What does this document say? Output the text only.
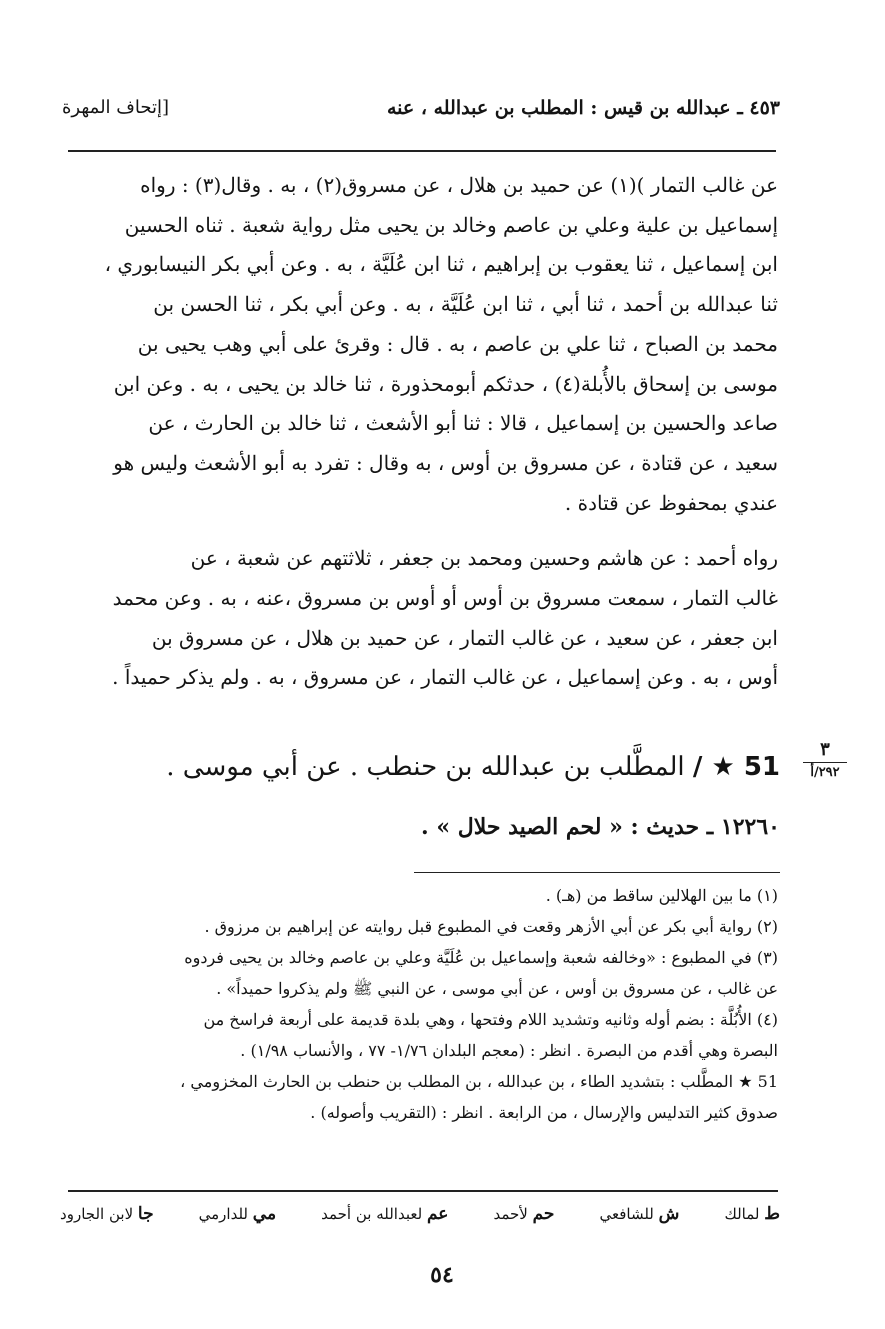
٤٥٣ ـ عبدالله بن قيس : المطلب بن عبدالله ، عنه
[إتحاف المهرة

عن غالب التمار )(١) عن حميد بن هلال ، عن مسروق(٢) ، به . وقال(٣) : رواه

إسماعيل بن علية وعلي بن عاصم وخالد بن يحيى مثل رواية شعبة . ثناه الحسين

ابن إسماعيل ، ثنا يعقوب بن إبراهيم ، ثنا ابن عُلَيَّة ، به . وعن أبي بكر النيسابوري ،

ثنا عبدالله بن أحمد ، ثنا أبي ، ثنا ابن عُلَيَّة ، به . وعن أبي بكر ، ثنا الحسن بن

محمد بن الصباح ، ثنا علي بن عاصم ، به . قال : وقرئ على أبي وهب يحيى بن

موسى بن إسحاق بالأُبلة(٤) ، حدثكم أبومحذورة ، ثنا خالد بن يحيى ، به . وعن ابن

صاعد والحسين بن إسماعيل ، قالا : ثنا أبو الأشعث ، ثنا خالد بن الحارث ، عن

سعيد ، عن قتادة ، عن مسروق بن أوس ، به وقال : تفرد به أبو الأشعث وليس هو

عندي بمحفوظ عن قتادة .

رواه أحمد : عن هاشم وحسين ومحمد بن جعفر ، ثلاثتهم عن شعبة ، عن

غالب التمار ، سمعت مسروق بن أوس أو أوس بن مسروق ،عنه ، به . وعن محمد

ابن جعفر ، عن سعيد ، عن غالب التمار ، عن حميد بن هلال ، عن مسروق بن

أوس ، به . وعن إسماعيل ، عن غالب التمار ، عن مسروق ، به . ولم يذكر حميداً .

51 ★ / المطَّلب بن عبدالله بن حنطب . عن أبي موسى .
١٢٢٦٠ ـ حديث : « لحم الصيد حلال » .
٣
٢٩٢/أ

(١) ما بين الهلالين ساقط من (هـ) .

(٢) رواية أبي بكر عن أبي الأزهر وقعت في المطبوع قبل روايته عن إبراهيم بن مرزوق .

(٣) في المطبوع : «وخالفه شعبة وإسماعيل بن عُلَيَّة وعلي بن عاصم وخالد بن يحيى فردوه

عن غالب ، عن مسروق بن أوس ، عن أبي موسى ، عن النبي ﷺ ولم يذكروا حميداً» .

(٤) الأُبُلَّة : بضم أوله وثانيه وتشديد اللام وفتحها ، وهي بلدة قديمة على أربعة فراسخ من

البصرة وهي أقدم من البصرة . انظر : (معجم البلدان ١/٧٦- ٧٧ ، والأنساب ١/٩٨) .

51 ★ المطَّلب : بتشديد الطاء ، بن عبدالله ، بن المطلب بن حنطب بن الحارث المخزومي ،

صدوق كثير التدليس والإرسال ، من الرابعة . انظر : (التقريب وأصوله) .

ط لمالك
ش للشافعي
حم لأحمد
عم لعبدالله بن أحمد
مي للدارمي
جا لابن الجارود
٥٤
